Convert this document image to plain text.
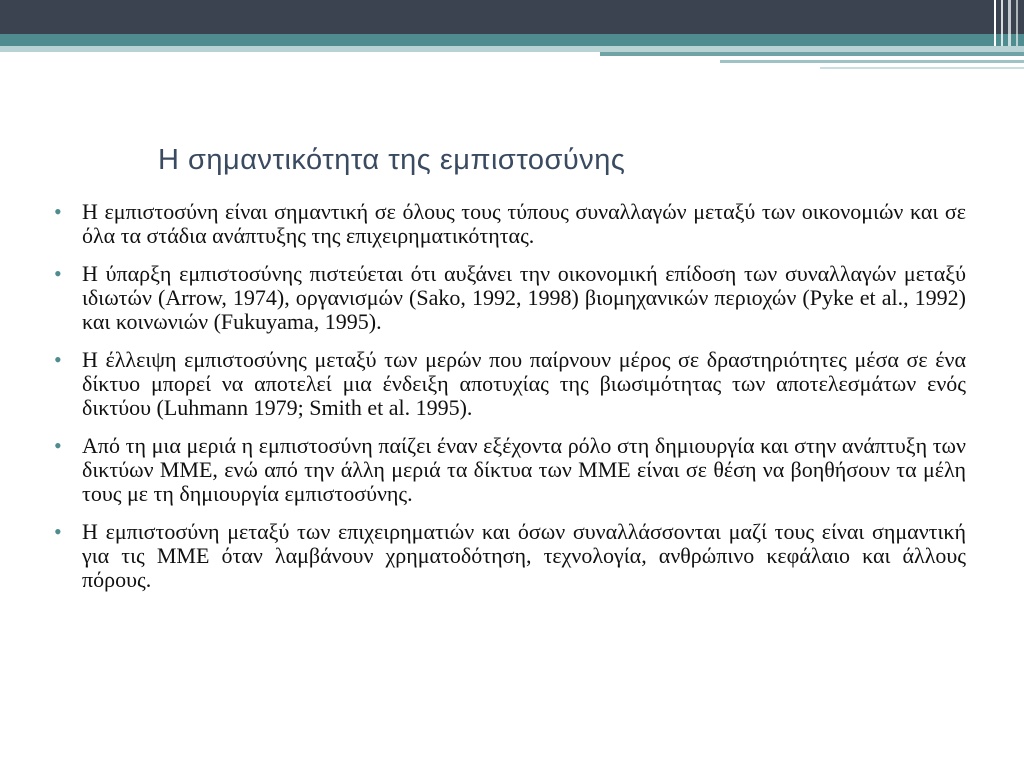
Η σημαντικότητα της εμπιστοσύνης
• Η εμπιστοσύνη είναι σημαντική σε όλους τους τύπους συναλλαγών μεταξύ των οικονομιών και σε όλα τα στάδια ανάπτυξης της επιχειρηματικότητας.
• Η ύπαρξη εμπιστοσύνης πιστεύεται ότι αυξάνει την οικονομική επίδοση των συναλλαγών μεταξύ ιδιωτών (Arrow, 1974), οργανισμών (Sako, 1992, 1998) βιομηχανικών περιοχών (Pyke et al., 1992) και κοινωνιών (Fukuyama, 1995).
• Η έλλειψη εμπιστοσύνης μεταξύ των μερών που παίρνουν μέρος σε δραστηριότητες μέσα σε ένα δίκτυο μπορεί να αποτελεί μια ένδειξη αποτυχίας της βιωσιμότητας των αποτελεσμάτων ενός δικτύου (Luhmann 1979; Smith et al. 1995).
• Από τη μια μεριά η εμπιστοσύνη παίζει έναν εξέχοντα ρόλο στη δημιουργία και στην ανάπτυξη των δικτύων ΜΜΕ, ενώ από την άλλη μεριά τα δίκτυα των ΜΜΕ είναι σε θέση να βοηθήσουν τα μέλη τους με τη δημιουργία εμπιστοσύνης.
• Η εμπιστοσύνη μεταξύ των επιχειρηματιών και όσων συναλλάσσονται μαζί τους είναι σημαντική για τις ΜΜΕ όταν λαμβάνουν χρηματοδότηση, τεχνολογία, ανθρώπινο κεφάλαιο και άλλους πόρους.
